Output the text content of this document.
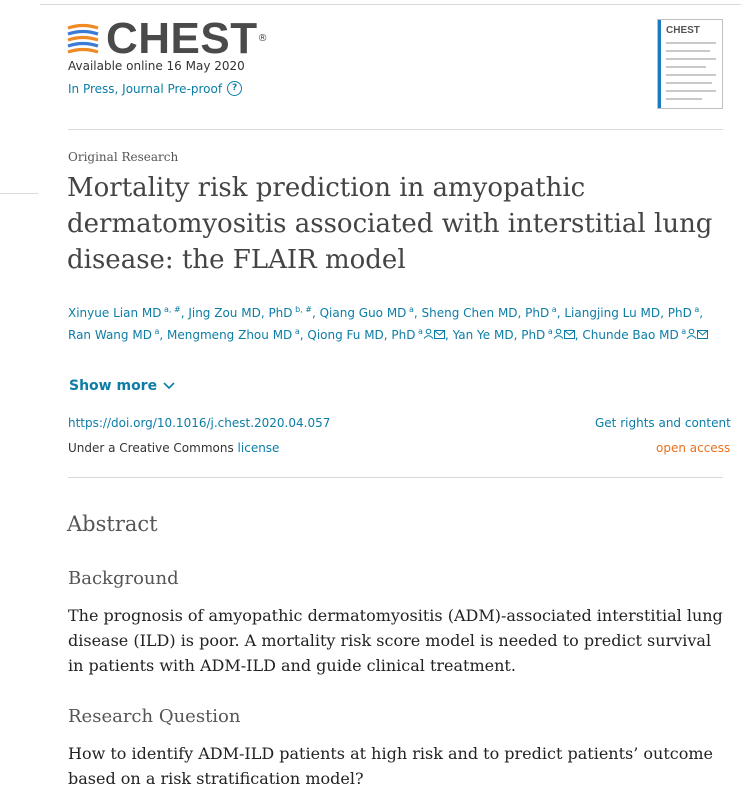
CHEST ®
Available online 16 May 2020
In Press, Journal Pre-proof	?
CHEST
Original Research
Mortality risk prediction in amyopathic dermatomyositis associated with interstitial lung disease: the FLAIR model
Xinyue Lian MD $^{a, \#}$, Jing Zou MD, PhD $^{b, \#}$, Qiang Guo MD $^a$, Sheng Chen MD, PhD $^a$, Liangjing Lu MD, PhD $^a$, Ran Wang MD $^a$, Mengmeng Zhou MD $^a$, Qiong Fu MD, PhD $^a$ , Yan Ye MD, PhD $^a$ , Chunde Bao MD $^a$
Show more
https://doi.org/10.1016/j.chest.2020.04.057	Get rights and content
Under a Creative Commons license	open access
Abstract
Background
The prognosis of amyopathic dermatomyositis (ADM)-associated interstitial lung disease (ILD) is poor. A mortality risk score model is needed to predict survival in patients with ADM-ILD and guide clinical treatment.
Research Question
How to identify ADM-ILD patients at high risk and to predict patients’ outcome based on a risk stratification model?
